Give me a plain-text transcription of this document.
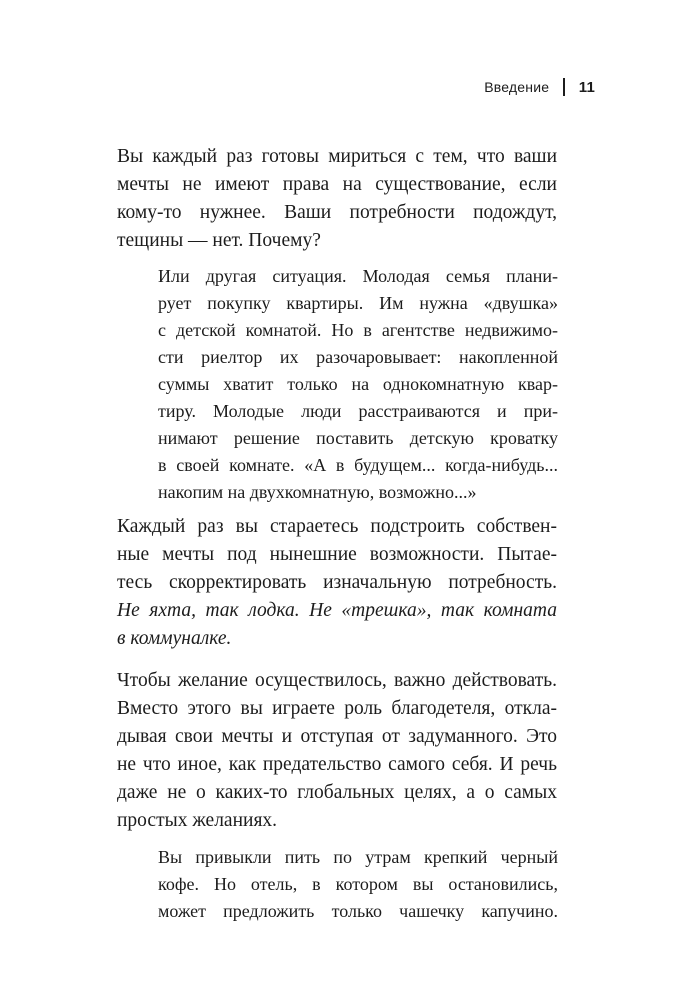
Введение 11
Вы каждый раз готовы мириться с тем, что ваши
мечты не имеют права на существование, если
кому-то нужнее. Ваши потребности подождут,
тещины — нет. Почему?
Или другая ситуация. Молодая семья плани-
рует покупку квартиры. Им нужна «двушка»
с детской комнатой. Но в агентстве недвижимо-
сти риелтор их разочаровывает: накопленной
суммы хватит только на однокомнатную квар-
тиру. Молодые люди расстраиваются и при-
нимают решение поставить детскую кроватку
в своей комнате. «А в будущем... когда-нибудь...
накопим на двухкомнатную, возможно...»
Каждый раз вы стараетесь подстроить собствен-
ные мечты под нынешние возможности. Пытае-
тесь скорректировать изначальную потребность.
Не яхта, так лодка. Не «трешка», так комната
в коммуналке.
Чтобы желание осуществилось, важно действовать.
Вместо этого вы играете роль благодетеля, откла-
дывая свои мечты и отступая от задуманного. Это
не что иное, как предательство самого себя. И речь
даже не о каких-то глобальных целях, а о самых
простых желаниях.
Вы привыкли пить по утрам крепкий черный
кофе. Но отель, в котором вы остановились,
может предложить только чашечку капучино.
